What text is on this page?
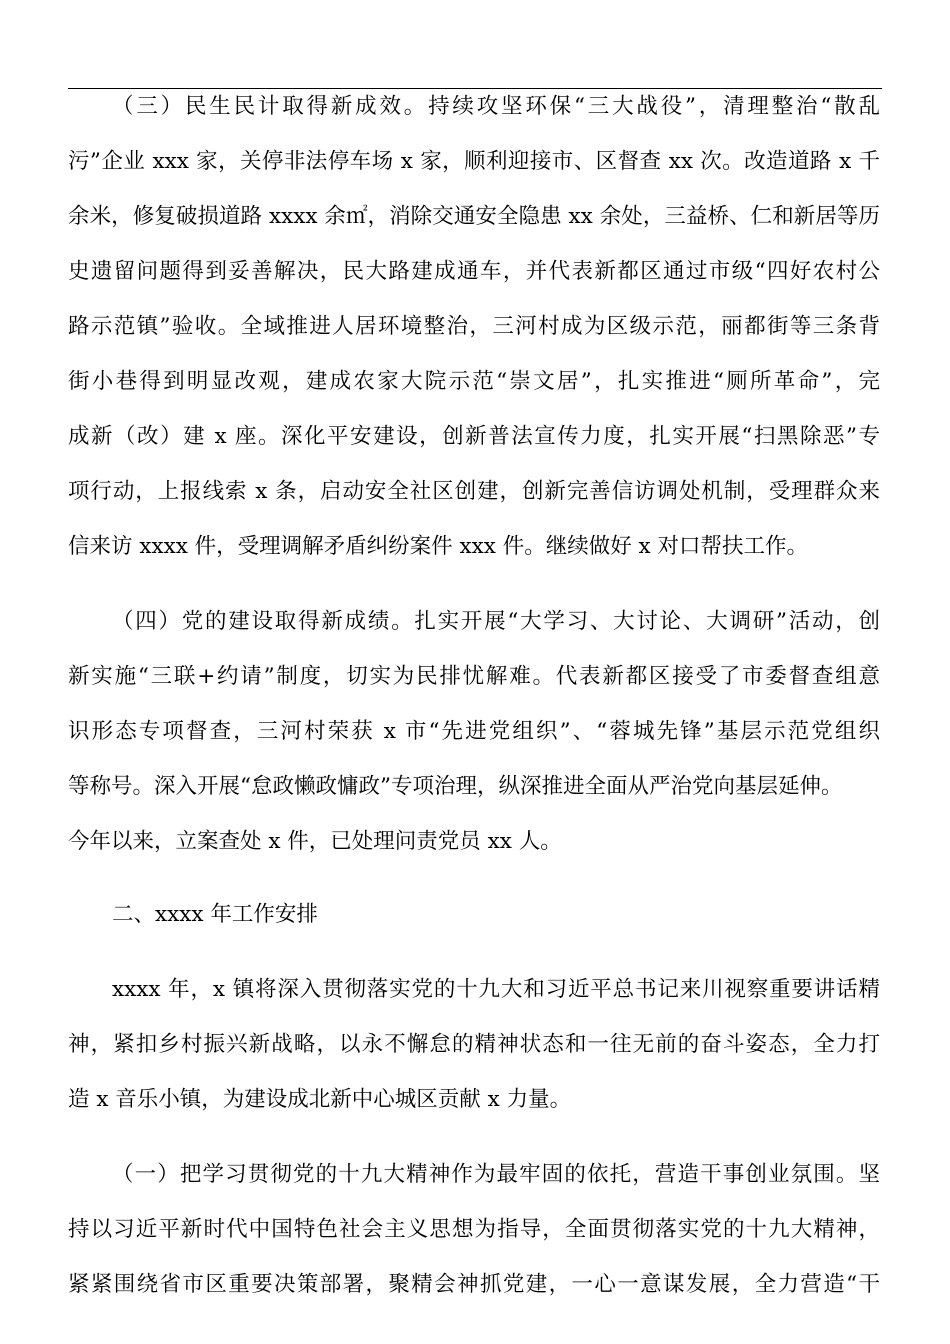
（三）民生民计取得新成效。持续攻坚环保“三大战役”，清理整治“散乱

污”企业 xxx 家，关停非法停车场 x 家，顺利迎接市、区督查 xx 次。改造道路 x 千

余米，修复破损道路 xxxx 余㎡，消除交通安全隐患 xx 余处，三益桥、仁和新居等历

史遗留问题得到妥善解决，民大路建成通车，并代表新都区通过市级“四好农村公

路示范镇”验收。全域推进人居环境整治，三河村成为区级示范，丽都街等三条背

街小巷得到明显改观，建成农家大院示范“崇文居”，扎实推进“厕所革命”，完

成新（改）建 x 座。深化平安建设，创新普法宣传力度，扎实开展“扫黑除恶”专

项行动，上报线索 x 条，启动安全社区创建，创新完善信访调处机制，受理群众来

信来访 xxxx 件，受理调解矛盾纠纷案件 xxx 件。继续做好 x 对口帮扶工作。

（四）党的建设取得新成绩。扎实开展“大学习、大讨论、大调研”活动，创

新实施“三联+约请”制度，切实为民排忧解难。代表新都区接受了市委督查组意

识形态专项督查，三河村荣获 x 市“先进党组织”、“蓉城先锋”基层示范党组织

等称号。深入开展“怠政懒政慵政”专项治理，纵深推进全面从严治党向基层延伸。

今年以来，立案查处 x 件，已处理问责党员 xx 人。

二、xxxx 年工作安排

xxxx 年，x 镇将深入贯彻落实党的十九大和习近平总书记来川视察重要讲话精

神，紧扣乡村振兴新战略，以永不懈怠的精神状态和一往无前的奋斗姿态，全力打

造 x 音乐小镇，为建设成北新中心城区贡献 x 力量。

（一）把学习贯彻党的十九大精神作为最牢固的依托，营造干事创业氛围。坚

持以习近平新时代中国特色社会主义思想为指导，全面贯彻落实党的十九大精神，

紧紧围绕省市区重要决策部署，聚精会神抓党建，一心一意谋发展，全力营造“干
